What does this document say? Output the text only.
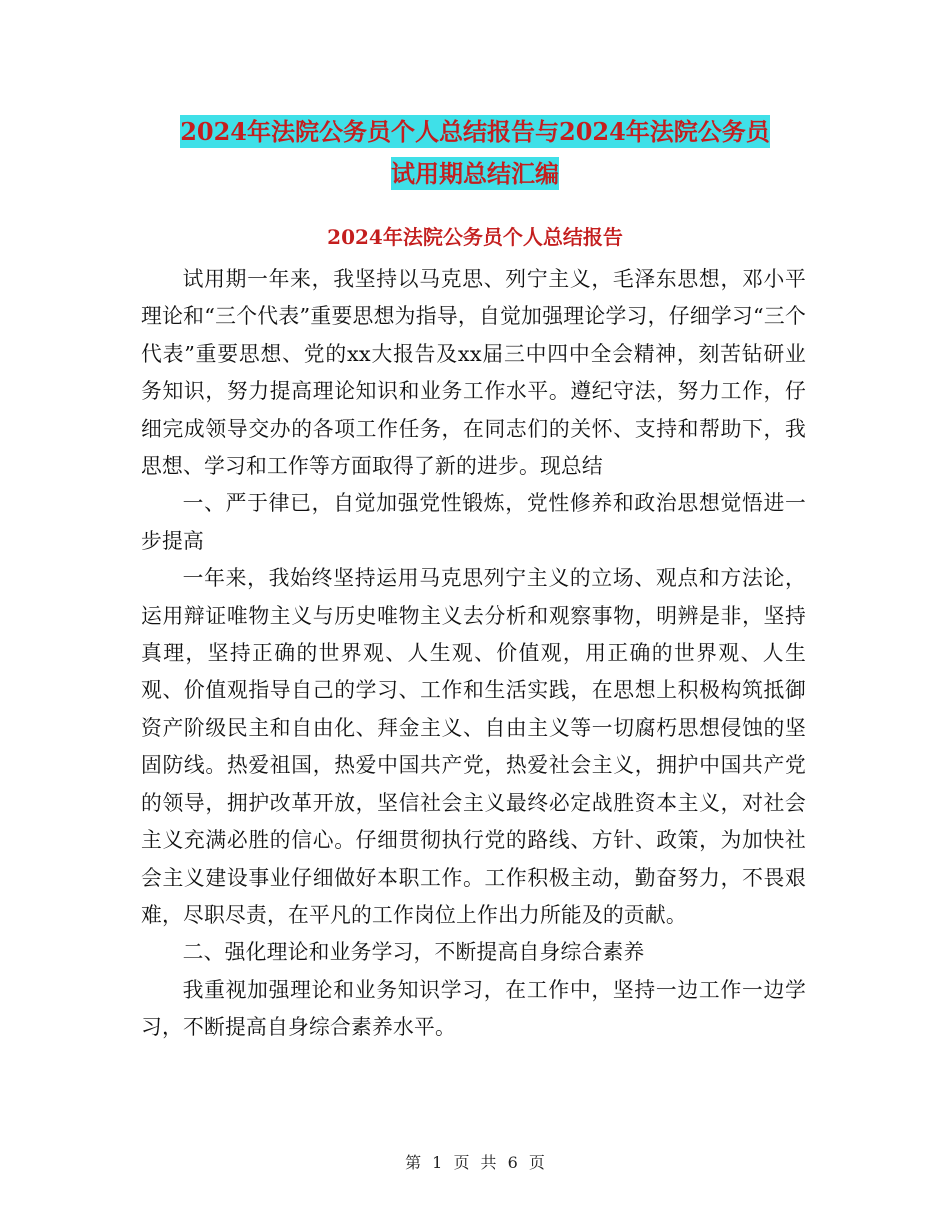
2024年法院公务员个人总结报告与2024年法院公务员
试用期总结汇编
2024年法院公务员个人总结报告

试用期一年来，我坚持以马克思、列宁主义，毛泽东思想，邓小平理论和“三个代表”重要思想为指导，自觉加强理论学习，仔细学习“三个代表”重要思想、党的xx大报告及xx届三中四中全会精神，刻苦钻研业务知识，努力提高理论知识和业务工作水平。遵纪守法，努力工作，仔细完成领导交办的各项工作任务，在同志们的关怀、支持和帮助下，我思想、学习和工作等方面取得了新的进步。现总结

一、严于律已，自觉加强党性锻炼，党性修养和政治思想觉悟进一步提高

一年来，我始终坚持运用马克思列宁主义的立场、观点和方法论，运用辩证唯物主义与历史唯物主义去分析和观察事物，明辨是非，坚持真理，坚持正确的世界观、人生观、价值观，用正确的世界观、人生观、价值观指导自己的学习、工作和生活实践，在思想上积极构筑抵御资产阶级民主和自由化、拜金主义、自由主义等一切腐朽思想侵蚀的坚固防线。热爱祖国，热爱中国共产党，热爱社会主义，拥护中国共产党的领导，拥护改革开放，坚信社会主义最终必定战胜资本主义，对社会主义充满必胜的信心。仔细贯彻执行党的路线、方针、政策，为加快社会主义建设事业仔细做好本职工作。工作积极主动，勤奋努力，不畏艰难，尽职尽责，在平凡的工作岗位上作出力所能及的贡献。

二、强化理论和业务学习，不断提高自身综合素养

我重视加强理论和业务知识学习，在工作中，坚持一边工作一边学习，不断提高自身综合素养水平。

第 1 页 共 6 页
